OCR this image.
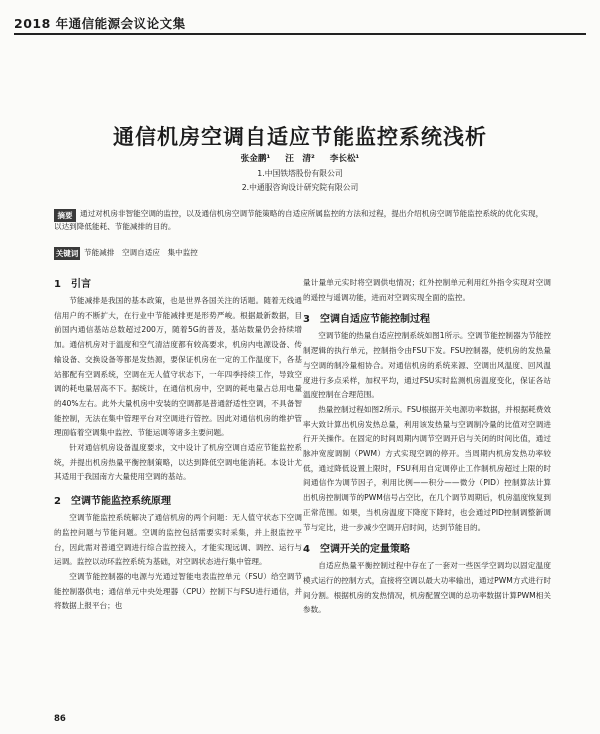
2018 年通信能源会议论文集
通信机房空调自适应节能监控系统浅析
张金鹏¹ 汪　清² 李长松¹
1.中国铁塔股份有限公司
2.中通服咨询设计研究院有限公司
摘要 通过对机房非智能空调的监控，以及通信机房空调节能策略的自适应所属监控的方法和过程，提出介绍机房空调节能监控系统的优化实现，以达到降低能耗、节能减排的目的。
关键词 节能减排　空调自适应　集中监控
1　引言

节能减排是我国的基本政策，也是世界各国关注的话题。随着无线通信用户的不断扩大，在行业中节能减排更是形势严峻。根据最新数据，目前国内通信基站总数超过200万，随着5G的普及，基站数量仍会持续增加。通信机房对于温度和空气清洁度都有较高要求，机房内电源设备、传输设备、交换设备等都是发热源，要保证机房在一定的工作温度下，各基站都配有空调系统，空调在无人值守状态下，一年四季持续工作，导致空调的耗电量居高不下。据统计，在通信机房中，空调的耗电量占总用电量的40%左右。此外大量机房中安装的空调都是普通舒适性空调，不具备智能控制，无法在集中管理平台对空调进行管控。因此对通信机房的维护管理面临着空调集中监控、节能运调等诸多主要问题。

针对通信机房设备温度要求，文中设计了机房空调自适应节能监控系统，并提出机房热量平衡控制策略，以达到降低空调电能消耗。本设计尤其适用于我国南方大量使用空调的基站。

2　空调节能监控系统原理

空调节能监控系统解决了通信机房的两个问题：无人值守状态下空调的监控问题与节能问题。空调的监控包括需要实时采集，并上报监控平台，因此需对普通空调进行综合监控接入，才能实现远调、调控、运行与运调。监控以动环监控系统为基础，对空调状态进行集中管理。

空调节能控制器的电源与光通过智能电表监控单元（FSU）给空调节能控制器供电；通信单元中央处理器（CPU）控制下与FSU进行通信，并将数据上报平台；也

量计量单元实时将空调供电情况；红外控制单元利用红外指令实现对空调的遥控与遥调功能，进而对空调实现全面的监控。

3　空调自适应节能控制过程

空调节能的热量自适应控制系统如图1所示。空调节能控制器为节能控制逻辑的执行单元，控制指令由FSU下发。FSU控制器，使机房的发热量与空调的制冷量相协合。对通信机房的系统来源、空调出风温度、回风温度进行多点采样，加权平均，通过FSU实时监测机房温度变化，保证各站温度控制在合理范围。

热量控制过程如图2所示。FSU根据开关电源功率数据，并根据耗费效率大致计算出机房发热总量，利用该发热量与空调制冷量的比值对空调进行开关操作。在固定的时间周期内调节空调开启与关闭的时间比值，通过脉冲宽度调制（PWM）方式实现空调的停开。当周期内机房发热功率较低，通过降低设置上限时，FSU利用自定调停止工作制机房超过上限的时间通信作为调节因子，利用比例——积分——微分（PID）控制算法计算出机房控制调节的PWM信号占空比，在几个调节周期后，机房温度恢复到正常范围。如果，当机房温度下降度下降时，也会通过PID控制调整新调节与定比，进一步减少空调开启时间，达到节能目的。

4　空调开关的定量策略

自适应热量平衡控制过程中存在了一套对一些医学空调均以固定温度模式运行的控制方式，直接将空调以最大功率输出，通过PWM方式进行时间分割。根据机房的发热情况，机房配置空调的总功率数据计算PWM相关参数。

86
